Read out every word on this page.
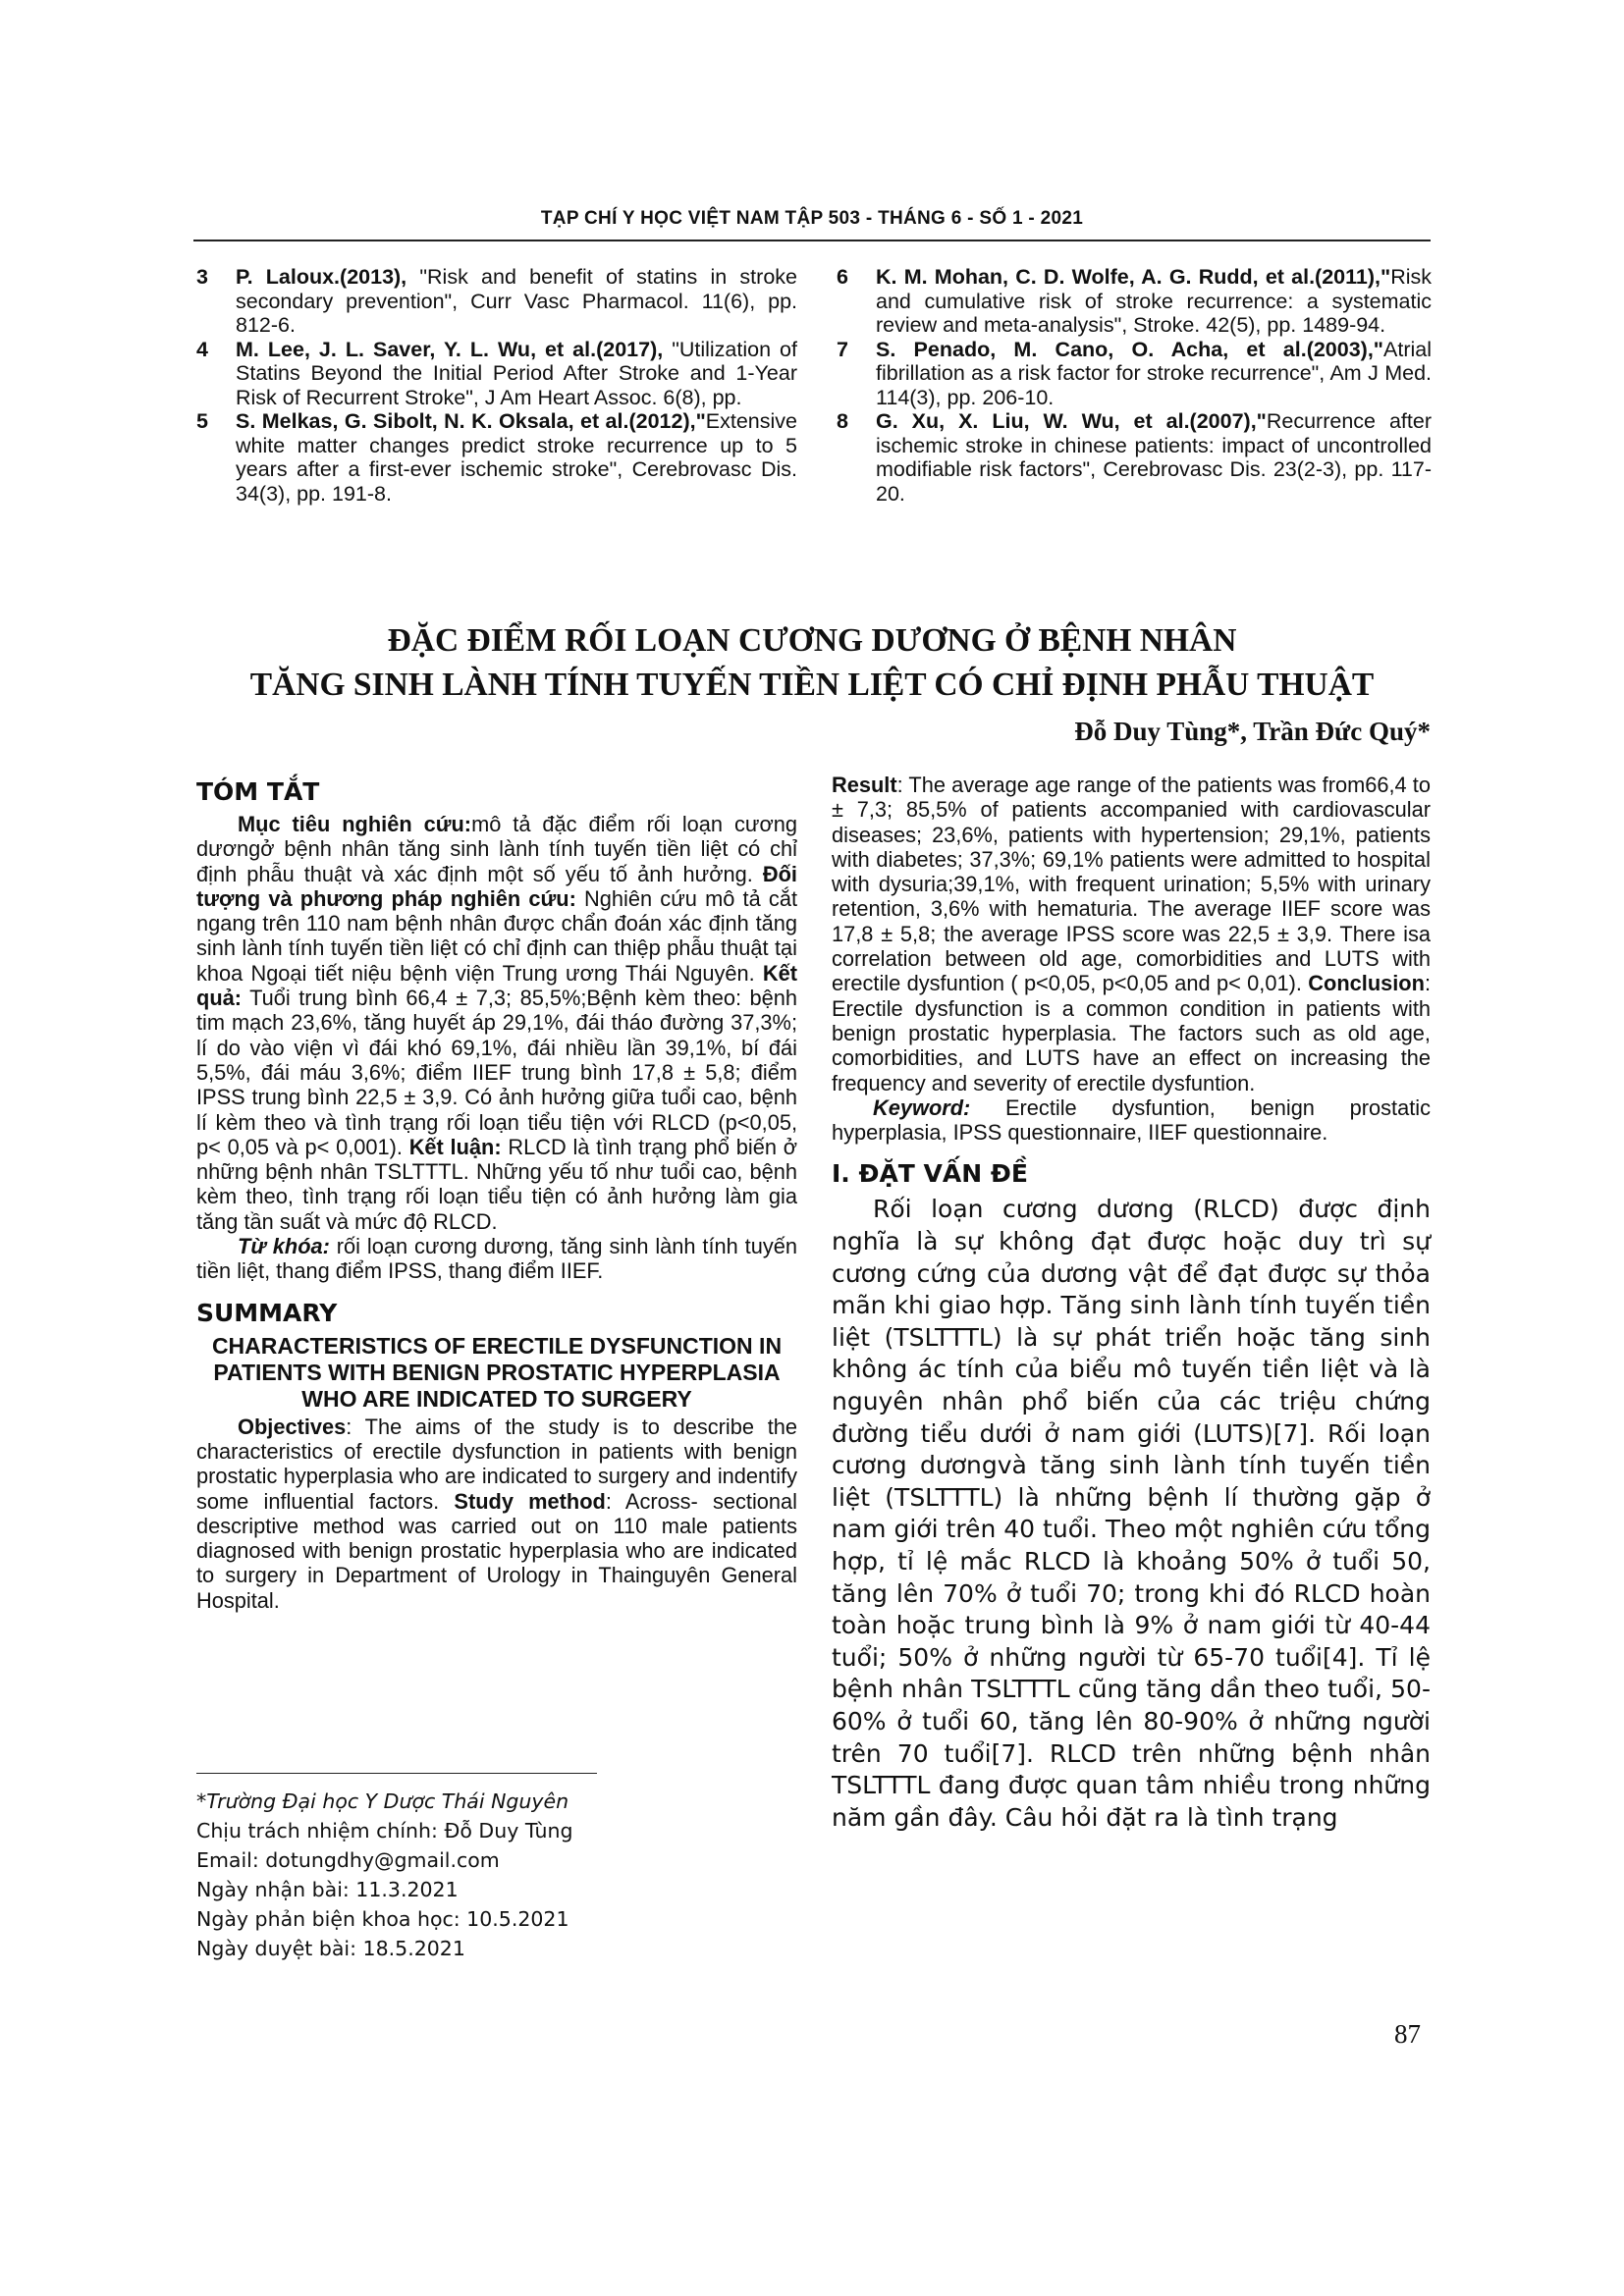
TẠP CHÍ Y HỌC VIỆT NAM TẬP 503 - THÁNG 6 - SỐ 1 - 2021
3	P. Laloux.(2013), "Risk and benefit of statins in stroke secondary prevention", Curr Vasc Pharmacol. 11(6), pp. 812-6.
4	M. Lee, J. L. Saver, Y. L. Wu, et al.(2017), "Utilization of Statins Beyond the Initial Period After Stroke and 1-Year Risk of Recurrent Stroke", J Am Heart Assoc. 6(8), pp.
5	S. Melkas, G. Sibolt, N. K. Oksala, et al.(2012),"Extensive white matter changes predict stroke recurrence up to 5 years after a first-ever ischemic stroke", Cerebrovasc Dis. 34(3), pp. 191-8.
6	K. M. Mohan, C. D. Wolfe, A. G. Rudd, et al.(2011),"Risk and cumulative risk of stroke recurrence: a systematic review and meta-analysis", Stroke. 42(5), pp. 1489-94.
7	S. Penado, M. Cano, O. Acha, et al.(2003),"Atrial fibrillation as a risk factor for stroke recurrence", Am J Med. 114(3), pp. 206-10.
8	G. Xu, X. Liu, W. Wu, et al.(2007),"Recurrence after ischemic stroke in chinese patients: impact of uncontrolled modifiable risk factors", Cerebrovasc Dis. 23(2-3), pp. 117-20.
ĐẶC ĐIỂM RỐI LOẠN CƯƠNG DƯƠNG Ở BỆNH NHÂN
TĂNG SINH LÀNH TÍNH TUYẾN TIỀN LIỆT CÓ CHỈ ĐỊNH PHẪU THUẬT
Đỗ Duy Tùng*, Trần Đức Quý*
TÓM TẮT

Mục tiêu nghiên cứu:mô tả đặc điểm rối loạn cương dươngở bệnh nhân tăng sinh lành tính tuyến tiền liệt có chỉ định phẫu thuật và xác định một số yếu tố ảnh hưởng. Đối tượng và phương pháp nghiên cứu: Nghiên cứu mô tả cắt ngang trên 110 nam bệnh nhân được chẩn đoán xác định tăng sinh lành tính tuyến tiền liệt có chỉ định can thiệp phẫu thuật tại khoa Ngoại tiết niệu bệnh viện Trung ương Thái Nguyên. Kết quả: Tuổi trung bình 66,4 ± 7,3; 85,5%;Bệnh kèm theo: bệnh tim mạch 23,6%, tăng huyết áp 29,1%, đái tháo đường 37,3%; lí do vào viện vì đái khó 69,1%, đái nhiều lần 39,1%, bí đái 5,5%, đái máu 3,6%; điểm IIEF trung bình 17,8 ± 5,8; điểm IPSS trung bình 22,5 ± 3,9. Có ảnh hưởng giữa tuổi cao, bệnh lí kèm theo và tình trạng rối loạn tiểu tiện với RLCD (p<0,05, p< 0,05 và p< 0,001). Kết luận: RLCD là tình trạng phổ biến ở những bệnh nhân TSLTTTL. Những yếu tố như tuổi cao, bệnh kèm theo, tình trạng rối loạn tiểu tiện có ảnh hưởng làm gia tăng tần suất và mức độ RLCD.

Từ khóa: rối loạn cương dương, tăng sinh lành tính tuyến tiền liệt, thang điểm IPSS, thang điểm IIEF.

SUMMARY
CHARACTERISTICS OF ERECTILE DYSFUNCTION IN PATIENTS WITH BENIGN PROSTATIC HYPERPLASIA WHO ARE INDICATED TO SURGERY

Objectives: The aims of the study is to describe the characteristics of erectile dysfunction in patients with benign prostatic hyperplasia who are indicated to surgery and indentify some influential factors. Study method: Across- sectional descriptive method was carried out on 110 male patients diagnosed with benign prostatic hyperplasia who are indicated to surgery in Department of Urology in Thainguyên General Hospital.

*Trường Đại học Y Dược Thái Nguyên
Chịu trách nhiệm chính: Đỗ Duy Tùng
Email: dotungdhy@gmail.com
Ngày nhận bài: 11.3.2021
Ngày phản biện khoa học: 10.5.2021
Ngày duyệt bài: 18.5.2021

Result: The average age range of the patients was from66,4 to ± 7,3; 85,5% of patients accompanied with cardiovascular diseases; 23,6%, patients with hypertension; 29,1%, patients with diabetes; 37,3%; 69,1% patients were admitted to hospital with dysuria;39,1%, with frequent urination; 5,5% with urinary retention, 3,6% with hematuria. The average IIEF score was 17,8 ± 5,8; the average IPSS score was 22,5 ± 3,9. There isa correlation between old age, comorbidities and LUTS with erectile dysfuntion ( p<0,05, p<0,05 and p< 0,01). Conclusion: Erectile dysfunction is a common condition in patients with benign prostatic hyperplasia. The factors such as old age, comorbidities, and LUTS have an effect on increasing the frequency and severity of erectile dysfuntion.

Keyword: Erectile dysfuntion, benign prostatic hyperplasia, IPSS questionnaire, IIEF questionnaire.

I. ĐẶT VẤN ĐỀ

Rối loạn cương dương (RLCD) được định nghĩa là sự không đạt được hoặc duy trì sự cương cứng của dương vật để đạt được sự thỏa mãn khi giao hợp. Tăng sinh lành tính tuyến tiền liệt (TSLTTTL) là sự phát triển hoặc tăng sinh không ác tính của biểu mô tuyến tiền liệt và là nguyên nhân phổ biến của các triệu chứng đường tiểu dưới ở nam giới (LUTS)[7]. Rối loạn cương dươngvà tăng sinh lành tính tuyến tiền liệt (TSLTTTL) là những bệnh lí thường gặp ở nam giới trên 40 tuổi. Theo một nghiên cứu tổng hợp, tỉ lệ mắc RLCD là khoảng 50% ở tuổi 50, tăng lên 70% ở tuổi 70; trong khi đó RLCD hoàn toàn hoặc trung bình là 9% ở nam giới từ 40-44 tuổi; 50% ở những người từ 65-70 tuổi[4]. Tỉ lệ bệnh nhân TSLTTTL cũng tăng dần theo tuổi, 50-60% ở tuổi 60, tăng lên 80-90% ở những người trên 70 tuổi[7]. RLCD trên những bệnh nhân TSLTTTL đang được quan tâm nhiều trong những năm gần đây. Câu hỏi đặt ra là tình trạng

87
